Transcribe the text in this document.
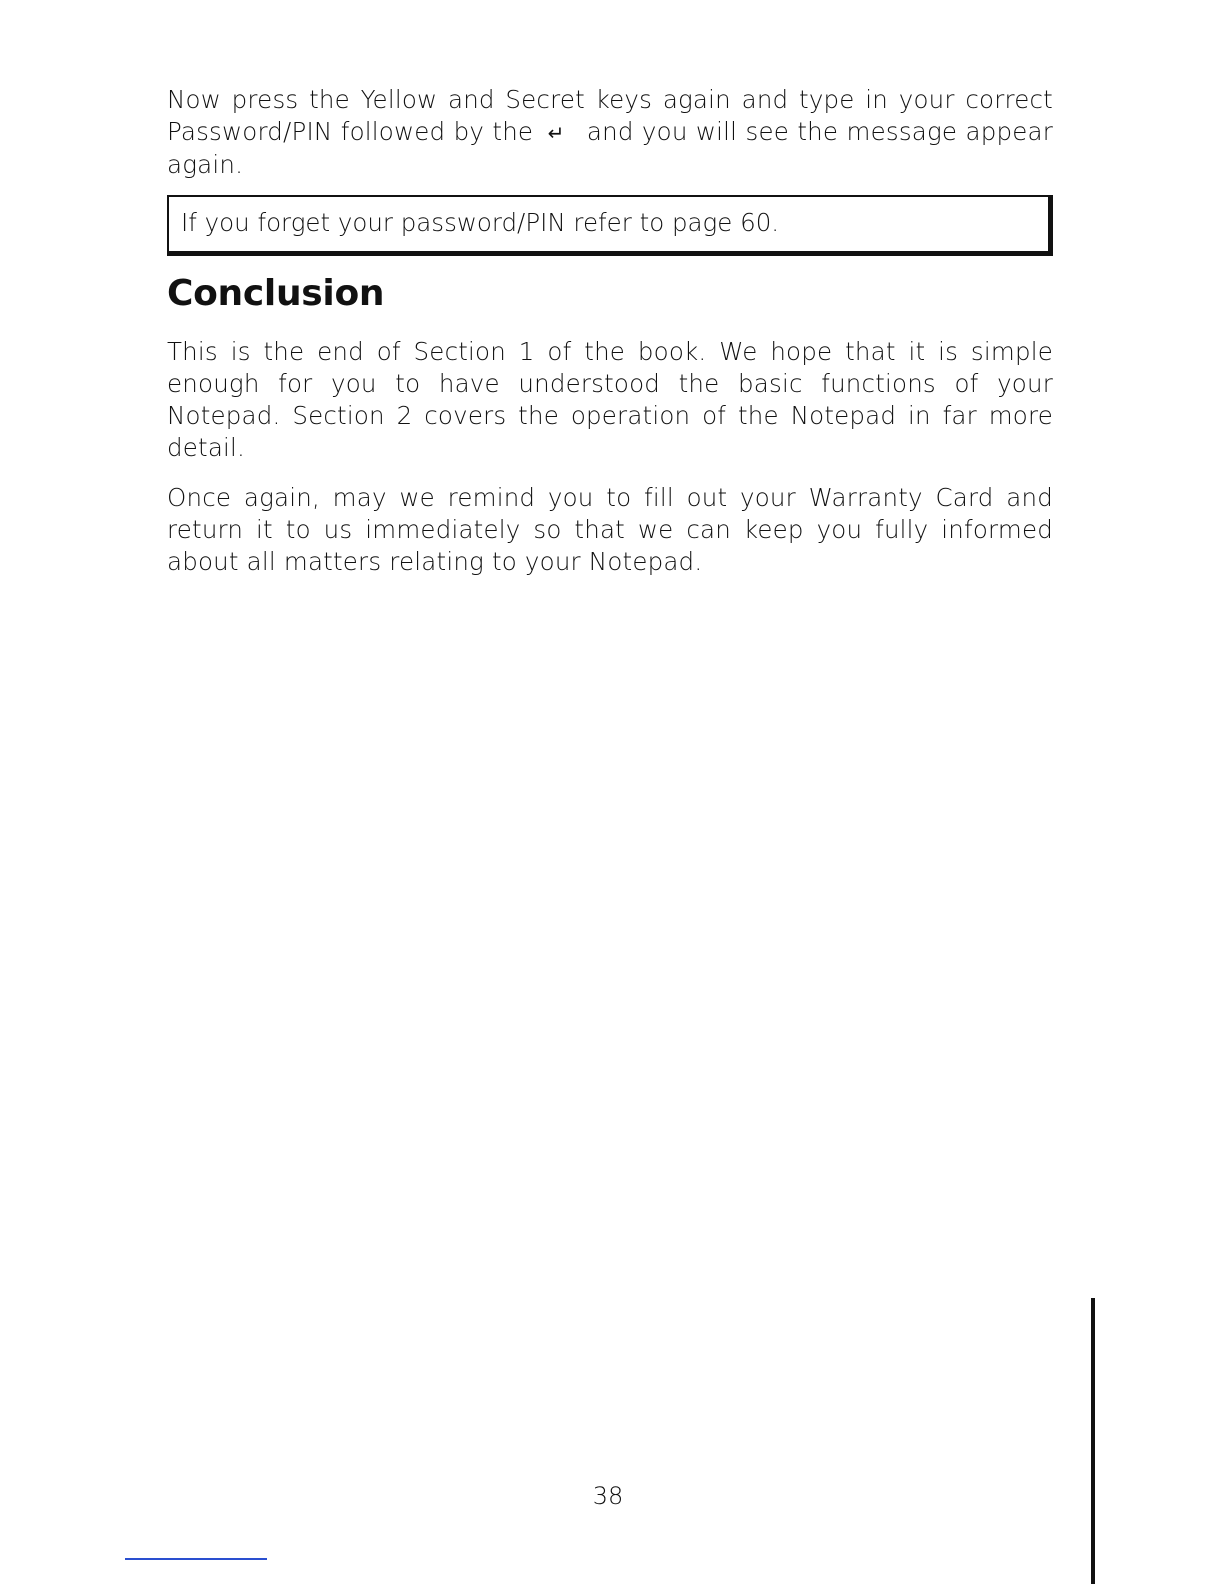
Now press the Yellow and Secret keys again and type in your correct Password/PIN followed by the ↵ and you will see the message appear again.

If you forget your password/PIN refer to page 60.
Conclusion

This is the end of Section 1 of the book. We hope that it is simple enough for you to have understood the basic functions of your Notepad. Section 2 covers the operation of the Notepad in far more detail.

Once again, may we remind you to fill out your Warranty Card and return it to us immediately so that we can keep you fully informed about all matters relating to your Notepad.

38
